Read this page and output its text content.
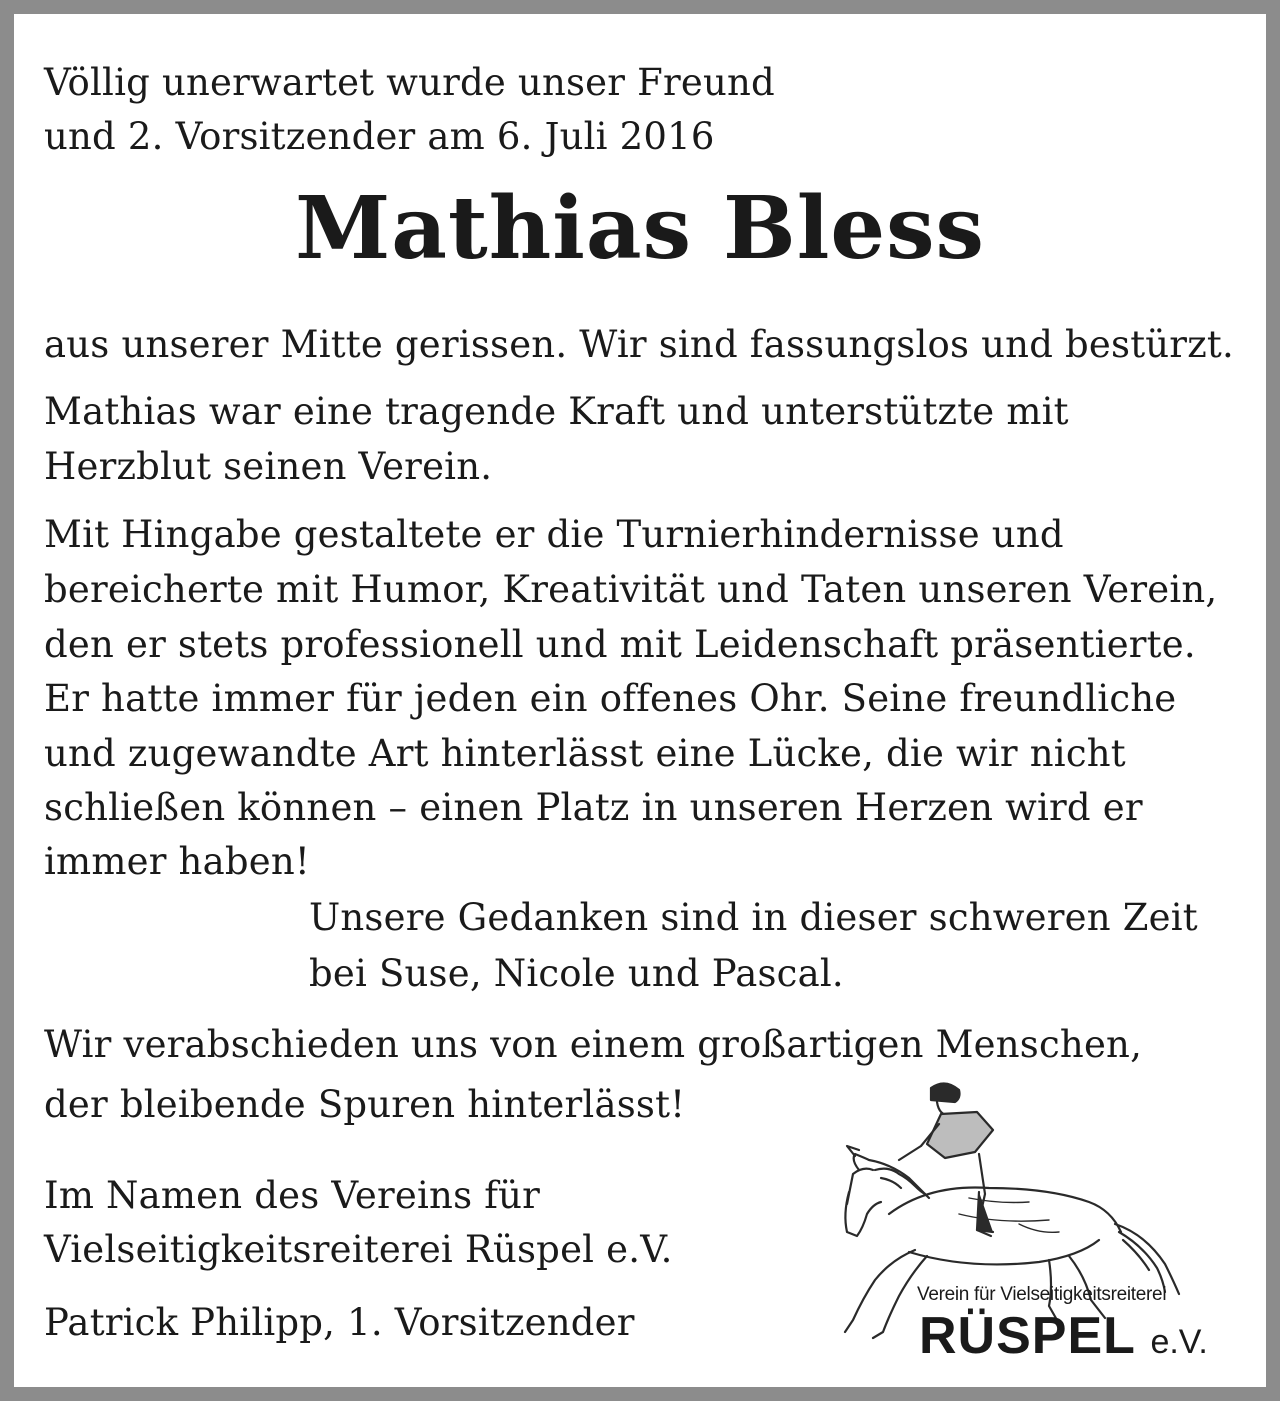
Völlig unerwartet wurde unser Freund

und 2. Vorsitzender am 6. Juli 2016

Mathias Bless

aus unserer Mitte gerissen. Wir sind fassungslos und bestürzt.

Mathias war eine tragende Kraft und unterstützte mit

Herzblut seinen Verein.

Mit Hingabe gestaltete er die Turnierhindernisse und

bereicherte mit Humor, Kreativität und Taten unseren Verein,

den er stets professionell und mit Leidenschaft präsentierte.

Er hatte immer für jeden ein offenes Ohr. Seine freundliche

und zugewandte Art hinterlässt eine Lücke, die wir nicht

schließen können – einen Platz in unseren Herzen wird er

immer haben!

Unsere Gedanken sind in dieser schweren Zeit

bei Suse, Nicole und Pascal.

Wir verabschieden uns von einem großartigen Menschen,

der bleibende Spuren hinterlässt!

Im Namen des Vereins für

Vielseitigkeitsreiterei Rüspel e.V.

Patrick Philipp, 1. Vorsitzender

Verein für Vielseitigkeitsreiterei
RÜSPEL e.V.
